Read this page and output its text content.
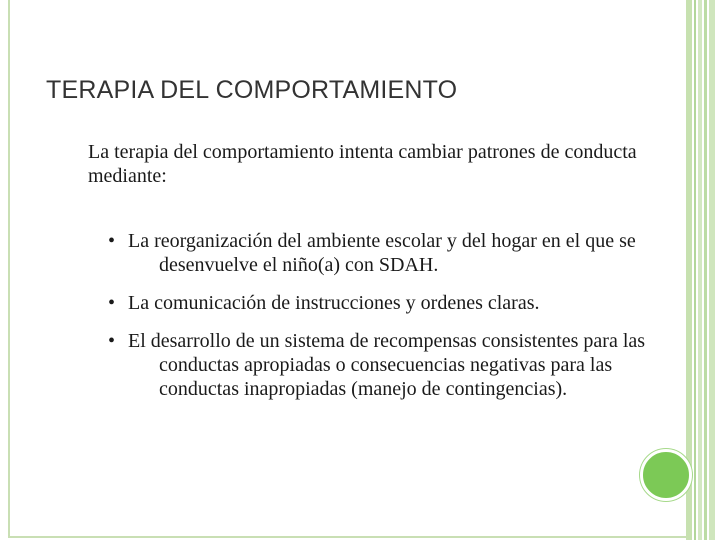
TERAPIA DEL COMPORTAMIENTO

La terapia del comportamiento intenta cambiar patrones de conducta mediante:

• La reorganización del ambiente escolar y del hogar en el que se desenvuelve el niño(a) con SDAH.
• La comunicación de instrucciones y ordenes claras.
• El desarrollo de un sistema de recompensas consistentes para las conductas apropiadas o consecuencias negativas para las conductas inapropiadas (manejo de contingencias).
